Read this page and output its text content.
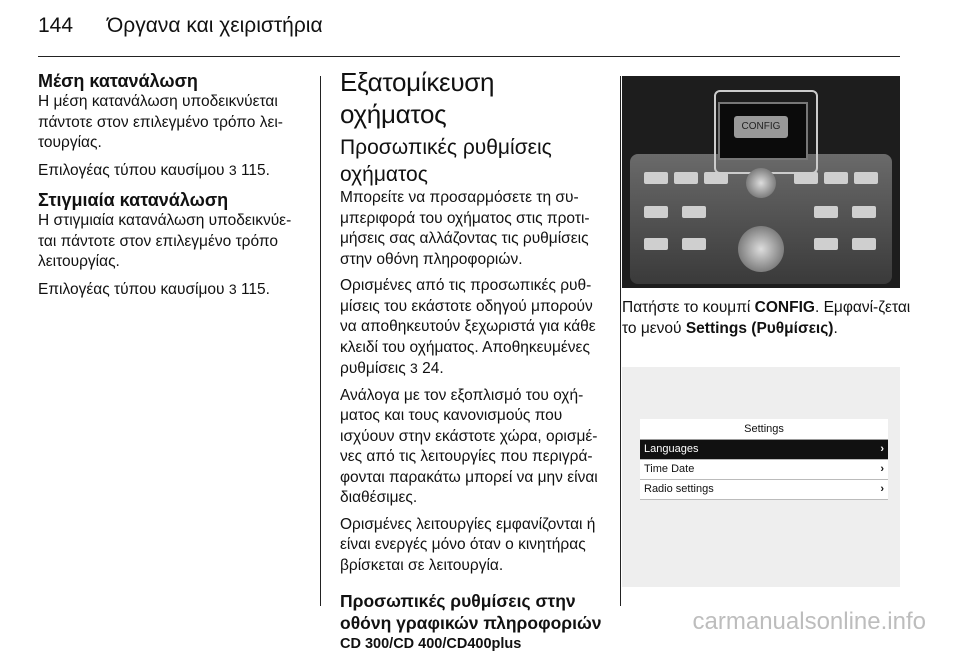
144 Όργανα και χειριστήρια
Μέση κατανάλωση

Η μέση κατανάλωση υποδεικνύεται πάντοτε στον επιλεγμένο τρόπο λει-τουργίας.

Επιλογέας τύπου καυσίμου 3 115.

Στιγμιαία κατανάλωση

Η στιγμιαία κατανάλωση υποδεικνύε-ται πάντοτε στον επιλεγμένο τρόπο λειτουργίας.

Επιλογέας τύπου καυσίμου 3 115.

Εξατομίκευση οχήματος
Προσωπικές ρυθμίσεις οχήματος

Μπορείτε να προσαρμόσετε τη συ-μπεριφορά του οχήματος στις προτι-μήσεις σας αλλάζοντας τις ρυθμίσεις στην οθόνη πληροφοριών.

Ορισμένες από τις προσωπικές ρυθ-μίσεις του εκάστοτε οδηγού μπορούν να αποθηκευτούν ξεχωριστά για κάθε κλειδί του οχήματος. Αποθηκευμένες ρυθμίσεις 3 24.

Ανάλογα με τον εξοπλισμό του οχή-ματος και τους κανονισμούς που ισχύουν στην εκάστοτε χώρα, ορισμέ-νες από τις λειτουργίες που περιγρά-φονται παρακάτω μπορεί να μην είναι διαθέσιμες.

Ορισμένες λειτουργίες εμφανίζονται ή είναι ενεργές μόνο όταν ο κινητήρας βρίσκεται σε λειτουργία.

Προσωπικές ρυθμίσεις στην οθόνη γραφικών πληροφοριών
CD 300/CD 400/CD400plus
CONFIG

Πατήστε το κουμπί CONFIG. Εμφανί-ζεται το μενού Settings (Ρυθμίσεις).

Settings
Languages	›
Time Date	›
Radio settings	›
carmanualsonline.info
